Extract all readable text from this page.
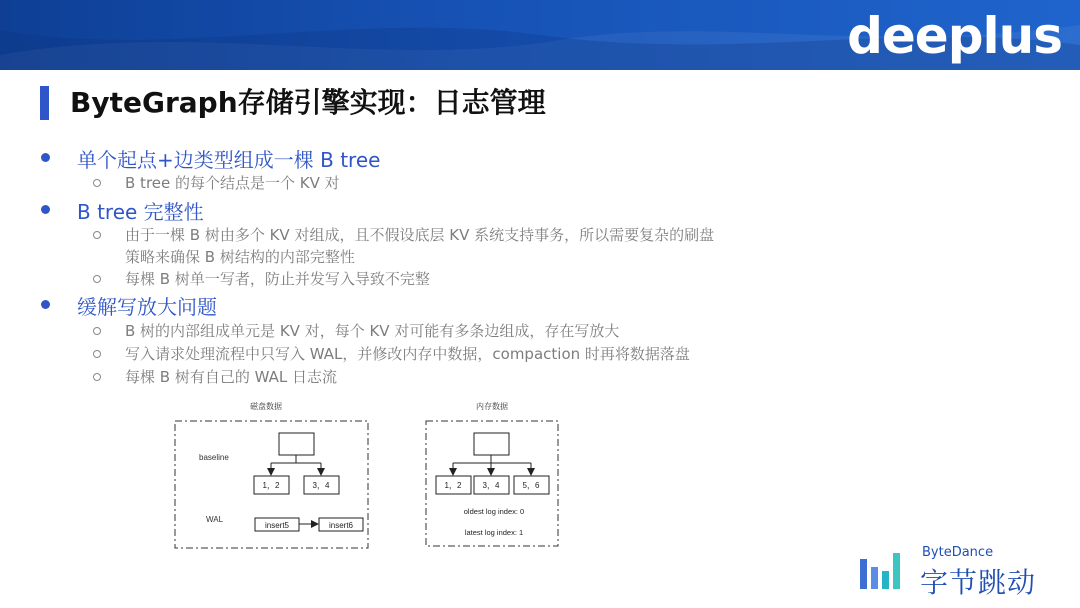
deeplus
ByteGraph存储引擎实现：日志管理
单个起点+边类型组成一棵 B tree
B tree 的每个结点是一个 KV 对
B tree 完整性
由于一棵 B 树由多个 KV 对组成，且不假设底层 KV 系统支持事务，所以需要复杂的刷盘
策略来确保 B 树结构的内部完整性
每棵 B 树单一写者，防止并发写入导致不完整
缓解写放大问题
B 树的内部组成单元是 KV 对，每个 KV 对可能有多条边组成，存在写放大
写入请求处理流程中只写入 WAL，并修改内存中数据，compaction 时再将数据落盘
每棵 B 树有自己的 WAL 日志流
磁盘数据
baseline
WAL
1，2	3，4
insert5	insert6
内存数据
1，2	3，4	5，6
oldest log index: 0
latest log index: 1
ByteDance
字节跳动
